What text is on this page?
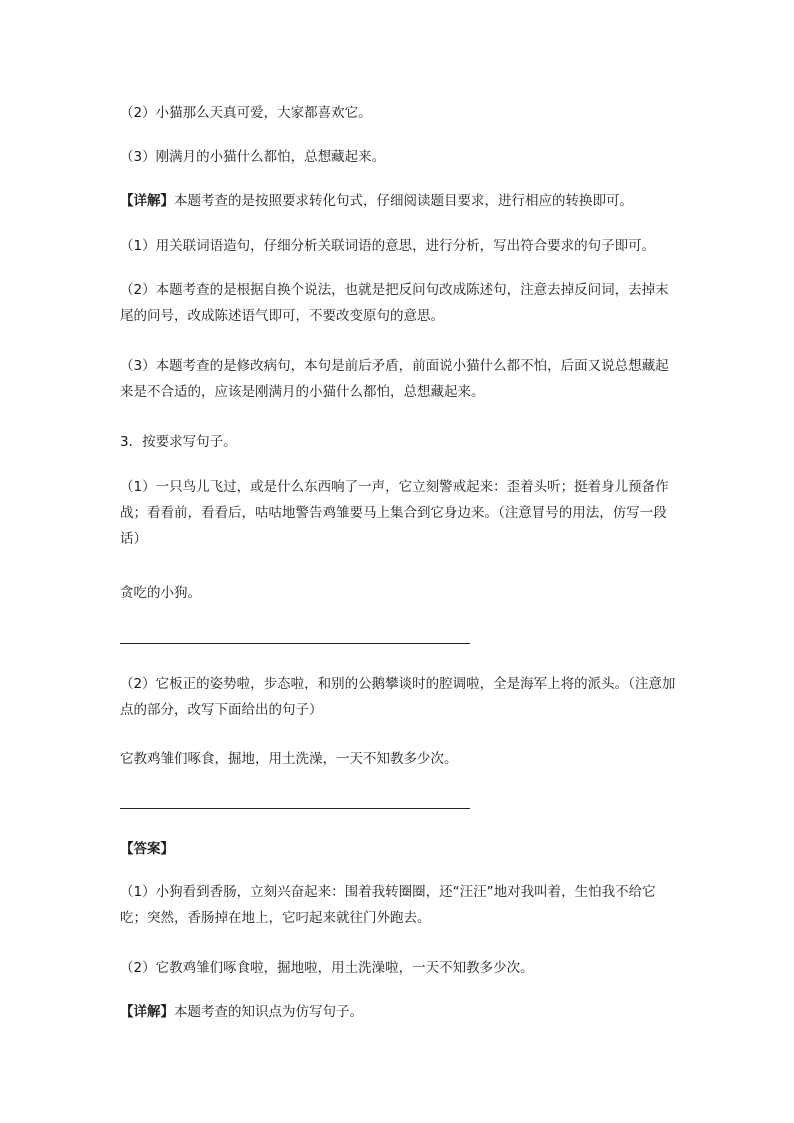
（2）小猫那么天真可爱，大家都喜欢它。
（3）刚满月的小猫什么都怕，总想藏起来。
【详解】本题考查的是按照要求转化句式，仔细阅读题目要求，进行相应的转换即可。
（1）用关联词语造句，仔细分析关联词语的意思，进行分析，写出符合要求的句子即可。
（2）本题考查的是根据自换个说法，也就是把反问句改成陈述句，注意去掉反问词，去掉末尾的问号，改成陈述语气即可，不要改变原句的意思。
（3）本题考查的是修改病句，本句是前后矛盾，前面说小猫什么都不怕，后面又说总想藏起来是不合适的，应该是刚满月的小猫什么都怕，总想藏起来。
3．按要求写句子。
（1）一只鸟儿飞过，或是什么东西响了一声，它立刻警戒起来：歪着头听；挺着身儿预备作战；看看前，看看后，咕咕地警告鸡雏要马上集合到它身边来。（注意冒号的用法，仿写一段话）
贪吃的小狗。
（2）它板正的姿势啦，步态啦，和别的公鹅攀谈时的腔调啦，全是海军上将的派头。（注意加点的部分，改写下面给出的句子）
它教鸡雏们啄食，掘地，用土洗澡，一天不知教多少次。
【答案】
（1）小狗看到香肠，立刻兴奋起来：围着我转圈圈，还“汪汪”地对我叫着，生怕我不给它吃；突然，香肠掉在地上，它叼起来就往门外跑去。
（2）它教鸡雏们啄食啦，掘地啦，用土洗澡啦，一天不知教多少次。
【详解】本题考查的知识点为仿写句子。
